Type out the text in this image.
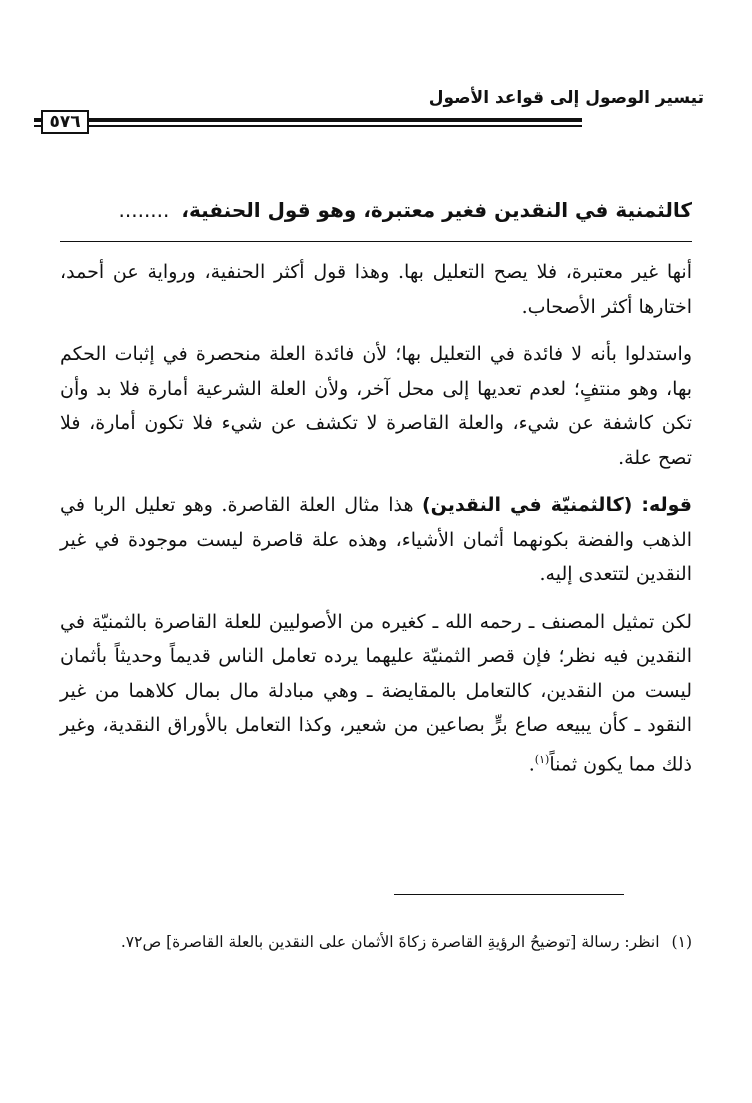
تيسير الوصول إلى قواعد الأصول
٥٧٦
كالثمنية في النقدين فغير معتبرة، وهو قول الحنفية،........

أنها غير معتبرة، فلا يصح التعليل بها. وهذا قول أكثر الحنفية، ورواية عن أحمد، اختارها أكثر الأصحاب.

واستدلوا بأنه لا فائدة في التعليل بها؛ لأن فائدة العلة منحصرة في إثبات الحكم بها، وهو منتفٍ؛ لعدم تعديها إلى محل آخر، ولأن العلة الشرعية أمارة فلا بد وأن تكن كاشفة عن شيء، والعلة القاصرة لا تكشف عن شيء فلا تكون أمارة، فلا تصح علة.

قوله: (كالثمنيّة في النقدين) هذا مثال العلة القاصرة. وهو تعليل الربا في الذهب والفضة بكونهما أثمان الأشياء، وهذه علة قاصرة ليست موجودة في غير النقدين لتتعدى إليه.

لكن تمثيل المصنف ـ رحمه الله ـ كغيره من الأصوليين للعلة القاصرة بالثمنيّة في النقدين فيه نظر؛ فإن قصر الثمنيّة عليهما يرده تعامل الناس قديماً وحديثاً بأثمان ليست من النقدين، كالتعامل بالمقايضة ـ وهي مبادلة مال بمال كلاهما من غير النقود ـ كأن يبيعه صاع برٍّ بصاعين من شعير، وكذا التعامل بالأوراق النقدية، وغير ذلك مما يكون ثمناً$^{(١)}$.

(١)انظر: رسالة [توضيحُ الرؤيةِ القاصرة زكاةَ الأثمان على النقدين بالعلة القاصرة] ص٧٢.
